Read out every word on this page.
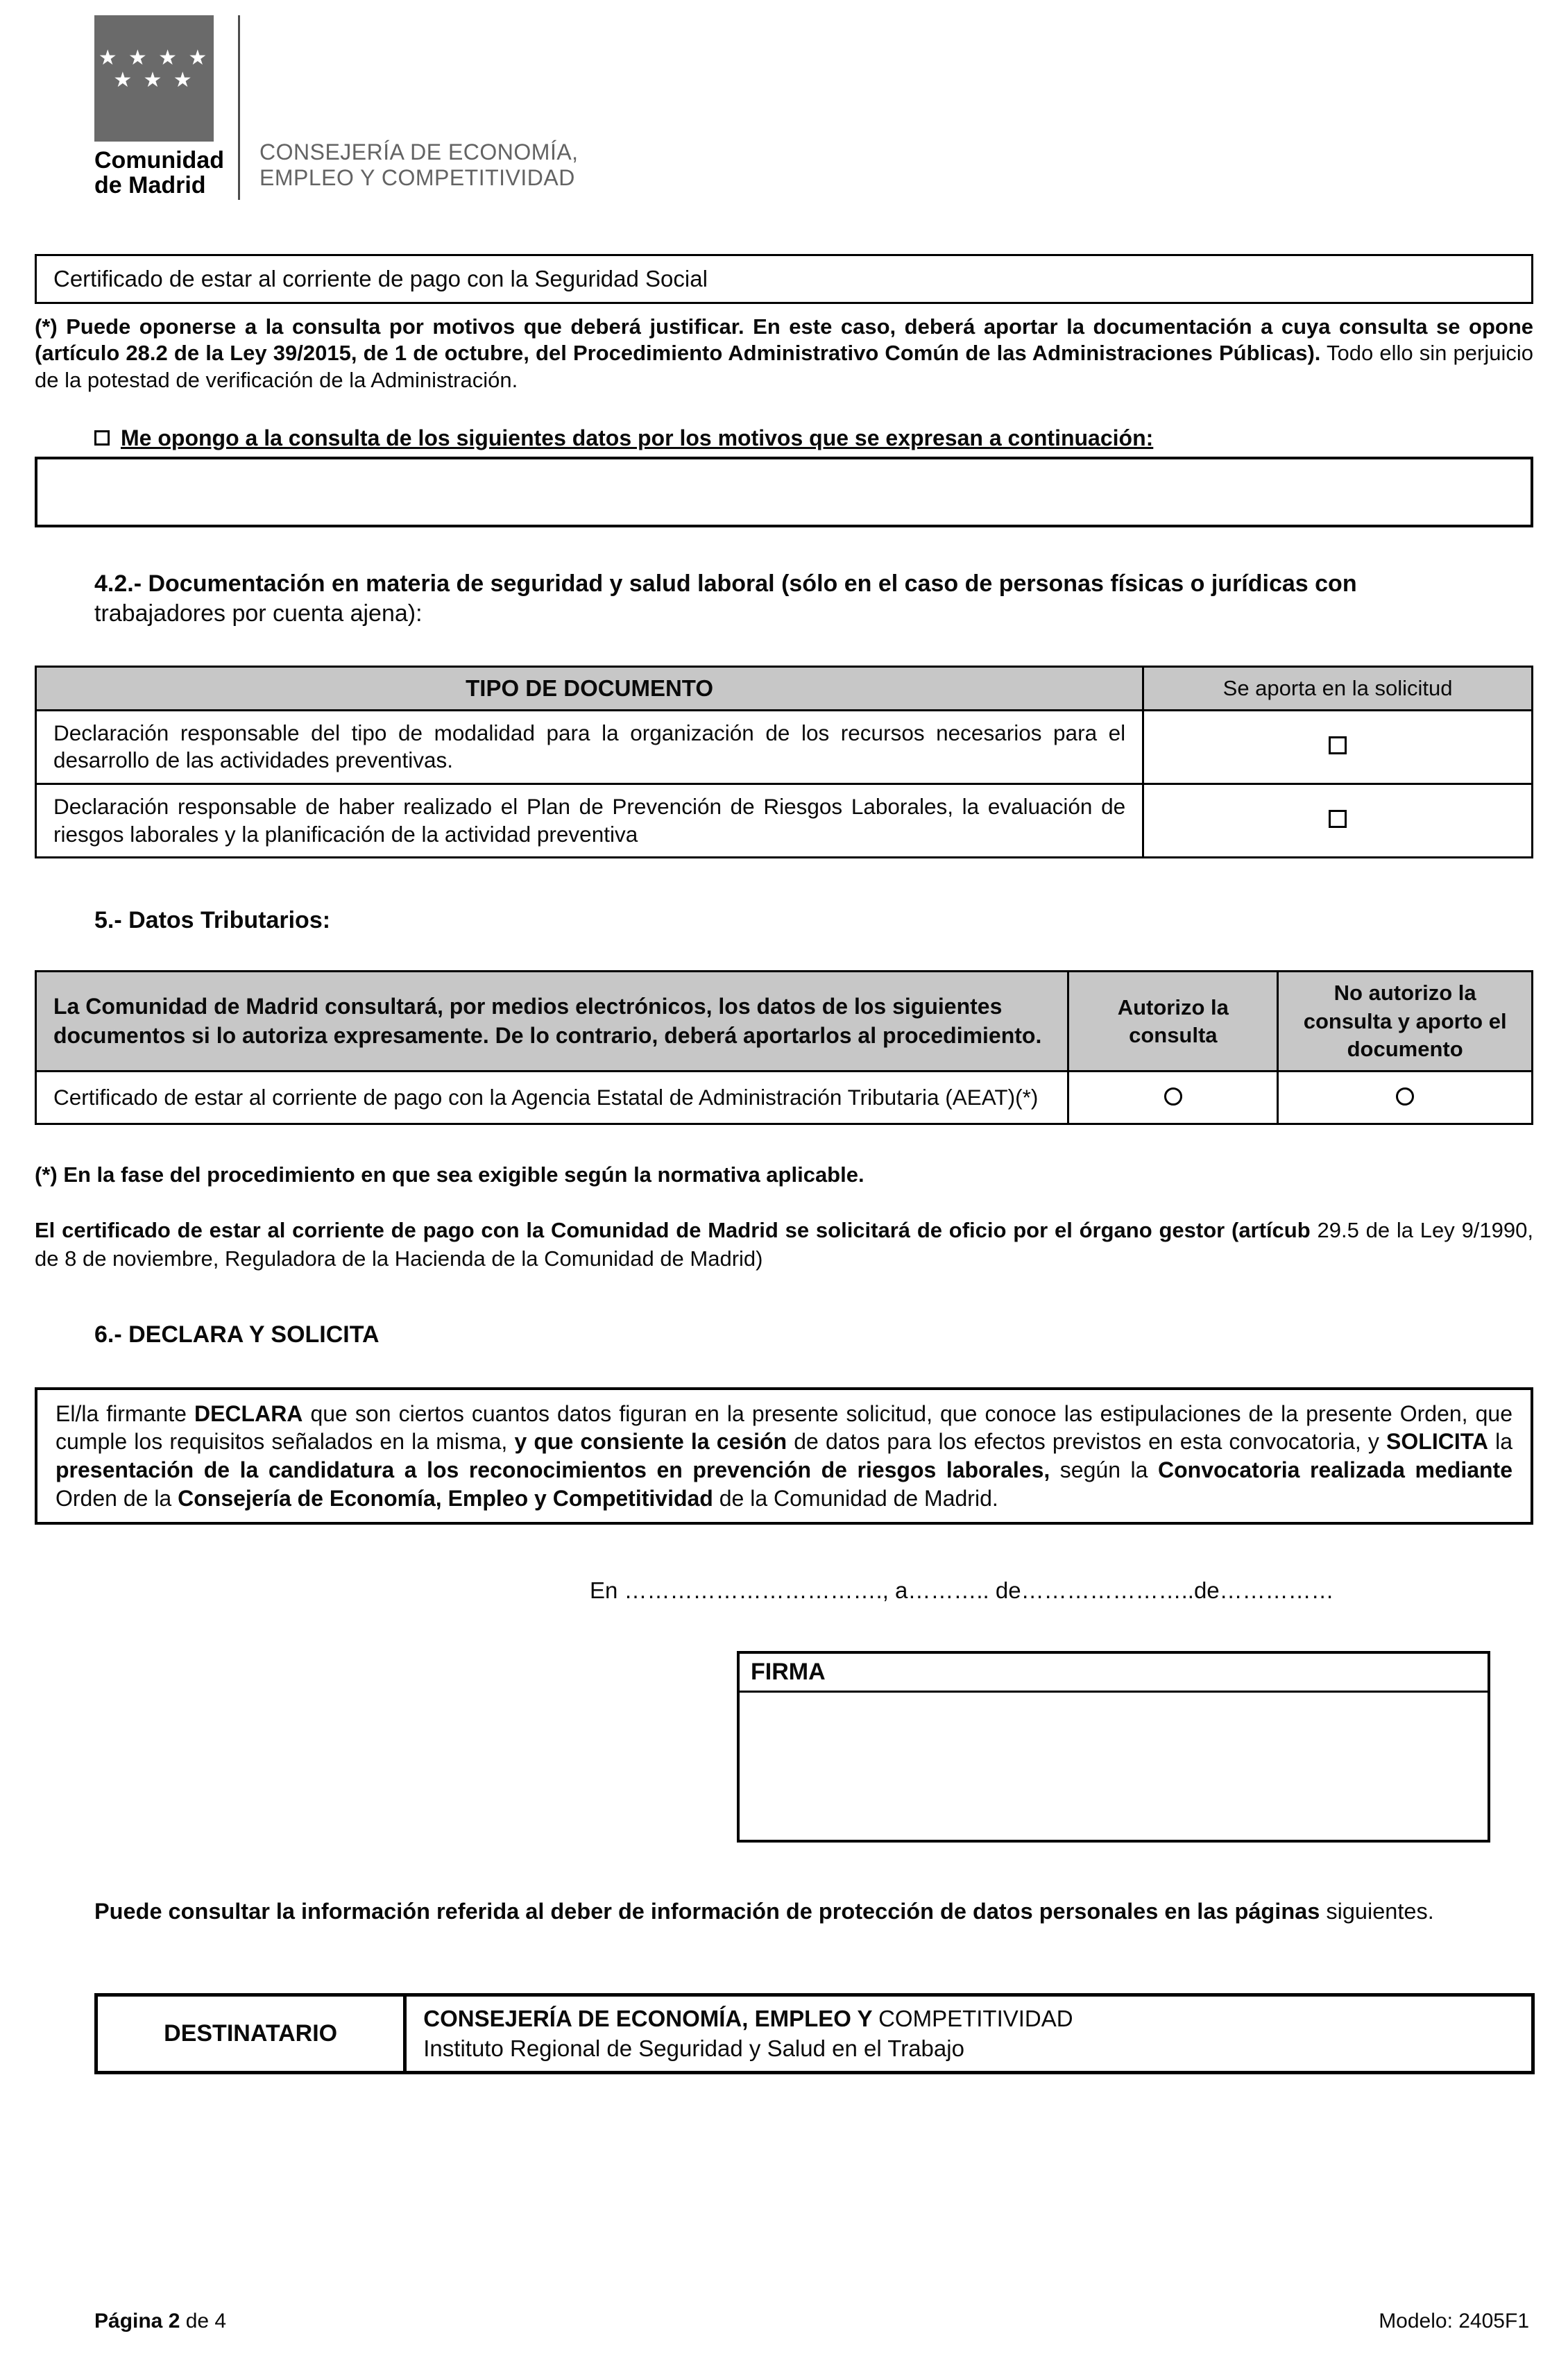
★ ★ ★ ★
★ ★ ★
Comunidad
de Madrid
CONSEJERÍA DE ECONOMÍA,
EMPLEO Y COMPETITIVIDAD
Certificado de estar al corriente de pago con la Seguridad Social

(*) Puede oponerse a la consulta por motivos que deberá justificar. En este caso, deberá aportar la documentación a cuya consulta se opone (artículo 28.2 de la Ley 39/2015, de 1 de octubre, del Procedimiento Administrativo Común de las Administraciones Públicas). Todo ello sin perjuicio de la potestad de verificación de la Administración.

Me opongo a la consulta de los siguientes datos por los motivos que se expresan a continuación:
4.2.- Documentación en materia de seguridad y salud laboral (sólo en el caso de personas físicas o jurídicas con trabajadores por cuenta ajena):
TIPO DE DOCUMENTO	Se aporta en la solicitud
Declaración responsable del tipo de modalidad para la organización de los recursos necesarios para el desarrollo de las actividades preventivas.	
Declaración responsable de haber realizado el Plan de Prevención de Riesgos Laborales, la evaluación de riesgos laborales y la planificación de la actividad preventiva	
5.- Datos Tributarios:
La Comunidad de Madrid consultará, por medios electrónicos, los datos de los siguientes documentos si lo autoriza expresamente. De lo contrario, deberá aportarlos al procedimiento.	Autorizo la consulta	No autorizo la consulta y aporto el documento
Certificado de estar al corriente de pago con la Agencia Estatal de Administración Tributaria (AEAT)(*)		
(*) En la fase del procedimiento en que sea exigible según la normativa aplicable.

El certificado de estar al corriente de pago con la Comunidad de Madrid se solicitará de oficio por el órgano gestor (artícub 29.5 de la Ley 9/1990, de 8 de noviembre, Reguladora de la Hacienda de la Comunidad de Madrid)

6.- DECLARA Y SOLICITA
El/la firmante DECLARA que son ciertos cuantos datos figuran en la presente solicitud, que conoce las estipulaciones de la presente Orden, que cumple los requisitos señalados en la misma, y que consiente la cesión de datos para los efectos previstos en esta convocatoria, y SOLICITA la presentación de la candidatura a los reconocimientos en prevención de riesgos laborales, según la Convocatoria realizada mediante Orden de la Consejería de Economía, Empleo y Competitividad de la Comunidad de Madrid.
En ……………………………., a……….. de…………………..de……………
FIRMA

Puede consultar la información referida al deber de información de protección de datos personales en las páginas siguientes.

DESTINATARIO	
CONSEJERÍA DE ECONOMÍA, EMPLEO Y COMPETITIVIDAD
Instituto Regional de Seguridad y Salud en el Trabajo
Página 2 de 4	Modelo: 2405F1
